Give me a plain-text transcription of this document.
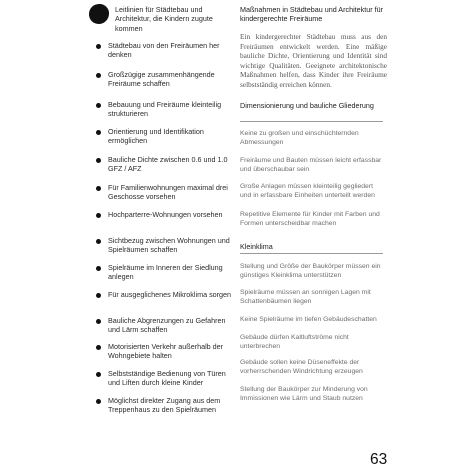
Leitlinien für Städtebau und Architektur, die Kindern zugute kommen
Städtebau von den Freiräumen her denken
Großzügige zusammenhängende Freiräume schaffen
Bebauung und Freiräume kleinteilig strukturieren
Orientierung und Identifikation ermöglichen
Bauliche Dichte zwischen 0.6 und 1.0 GFZ / AFZ
Für Familienwohnungen maximal drei Geschosse vorsehen
Hochparterre-Wohnungen vorsehen
Sichtbezug zwischen Wohnungen und Spielräumen schaffen
Spielräume im Inneren der Siedlung anlegen
Für ausgeglichenes Mikroklima sorgen
Bauliche Abgrenzungen zu Gefahren und Lärm schaffen
Motorisierten Verkehr außerhalb der Wohngebiete halten
Selbstständige Bedienung von Türen und Liften durch kleine Kinder
Möglichst direkter Zugang aus dem Treppenhaus zu den Spielräumen
Maßnahmen in Städtebau und Architektur für kindergerechte Freiräume
Ein kindergerechter Städtebau muss aus den Freiräumen entwickelt werden. Eine mäßige bauliche Dichte, Orientierung und Identität sind wichtige Qualitäten. Geeignete architektonische Maßnahmen helfen, dass Kinder ihre Freiräume selbstständig erreichen können.
Dimensionierung und bauliche Gliederung
Keine zu großen und einschüchternden Abmessungen
Freiräume und Bauten müssen leicht erfassbar und überschaubar sein
Große Anlagen müssen kleinteilig gegliedert und in erfassbare Einheiten unterteilt werden
Repetitive Elemente für Kinder mit Farben und Formen unterscheidbar machen
Kleinklima
Stellung und Größe der Baukörper müssen ein günstiges Kleinklima unterstützen
Spielräume müssen an sonnigen Lagen mit Schattenbäumen liegen
Keine Spielräume im tiefen Gebäudeschatten
Gebäude dürfen Kaltluftströme nicht unterbrechen
Gebäude sollen keine Düseneffekte der vorherrschenden Windrichtung erzeugen
Stellung der Baukörper zur Minderung von Immissionen wie Lärm und Staub nutzen
63
